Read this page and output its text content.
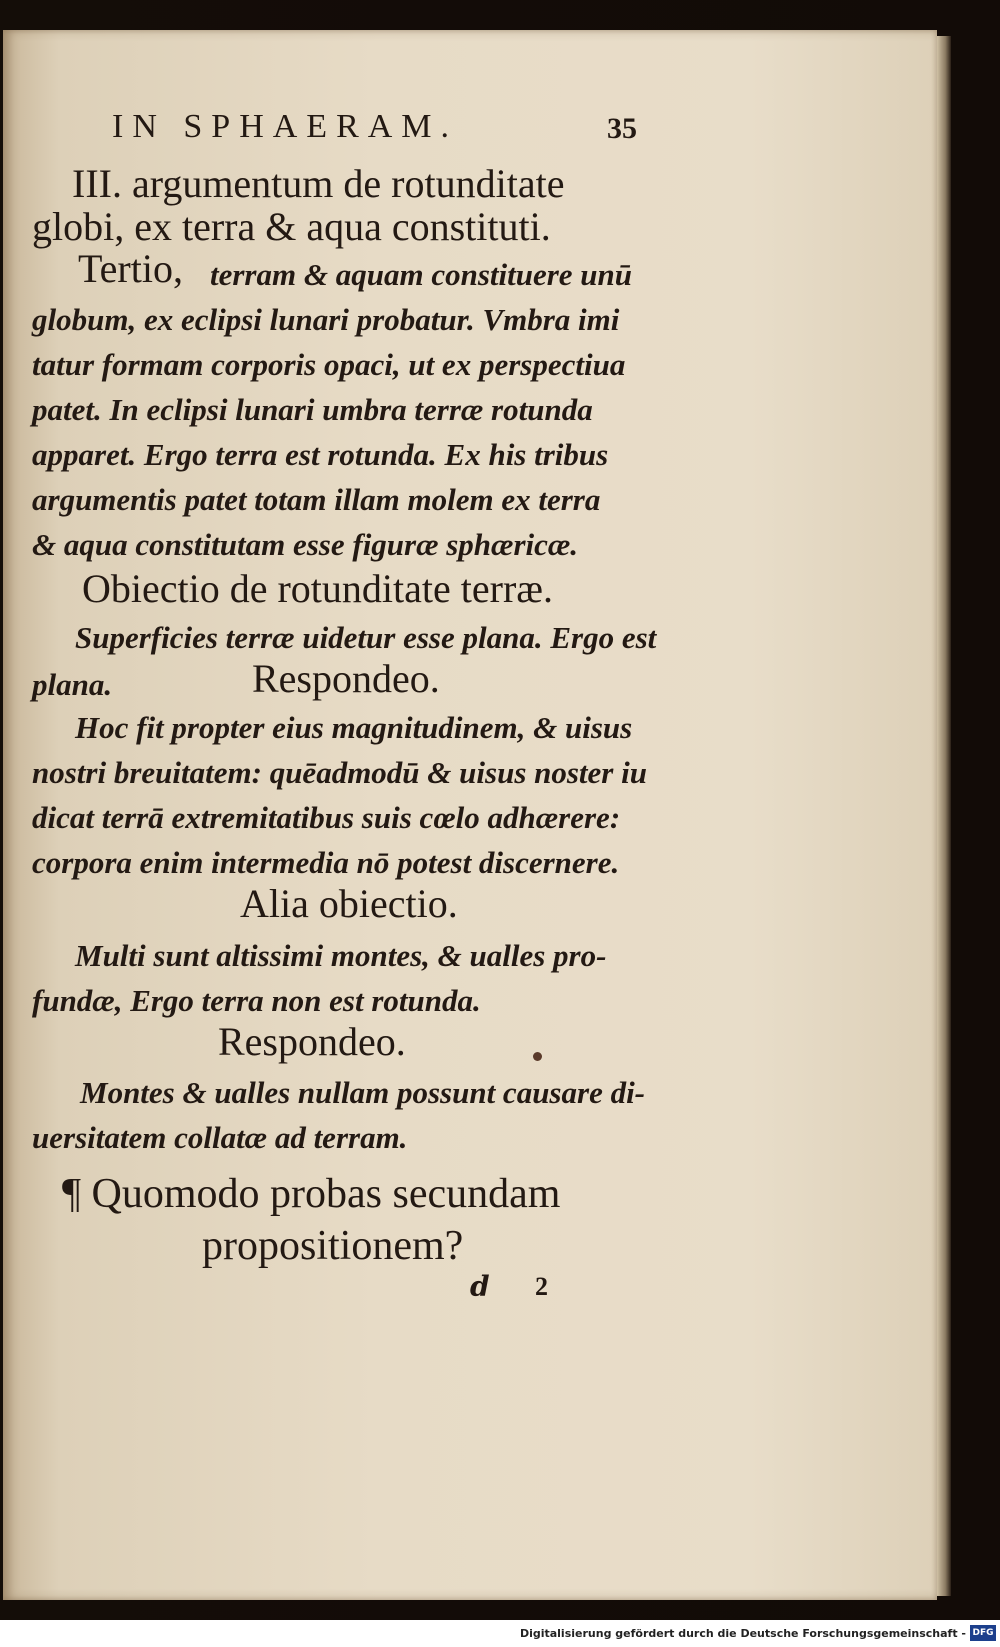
IN SPHAERAM.	35
III. argumentum de rotunditate
globi, ex terra & aqua constituti.
Tertio, terram & aquam constituere unū
globum, ex eclipsi lunari probatur. Vmbra imi
tatur formam corporis opaci, ut ex perspectiua
patet. In eclipsi lunari umbra terræ rotunda
apparet. Ergo terra est rotunda. Ex his tribus
argumentis patet totam illam molem ex terra
& aqua constitutam esse figuræ sphæricæ.
Obiectio de rotunditate terræ.
Superficies terræ uidetur esse plana. Ergo est
plana.	Respondeo.
Hoc fit propter eius magnitudinem, & uisus
nostri breuitatem: quēadmodū & uisus noster iu
dicat terrā extremitatibus suis cœlo adhærere:
corpora enim intermedia nō potest discernere.
Alia obiectio.
Multi sunt altissimi montes, & ualles pro-
fundæ, Ergo terra non est rotunda.
Respondeo.
Montes & ualles nullam possunt causare di-
uersitatem collatæ ad terram.
¶ Quomodo probas secundam
propositionem?
d 2
Digitalisierung gefördert durch die Deutsche Forschungsgemeinschaft - DFG
